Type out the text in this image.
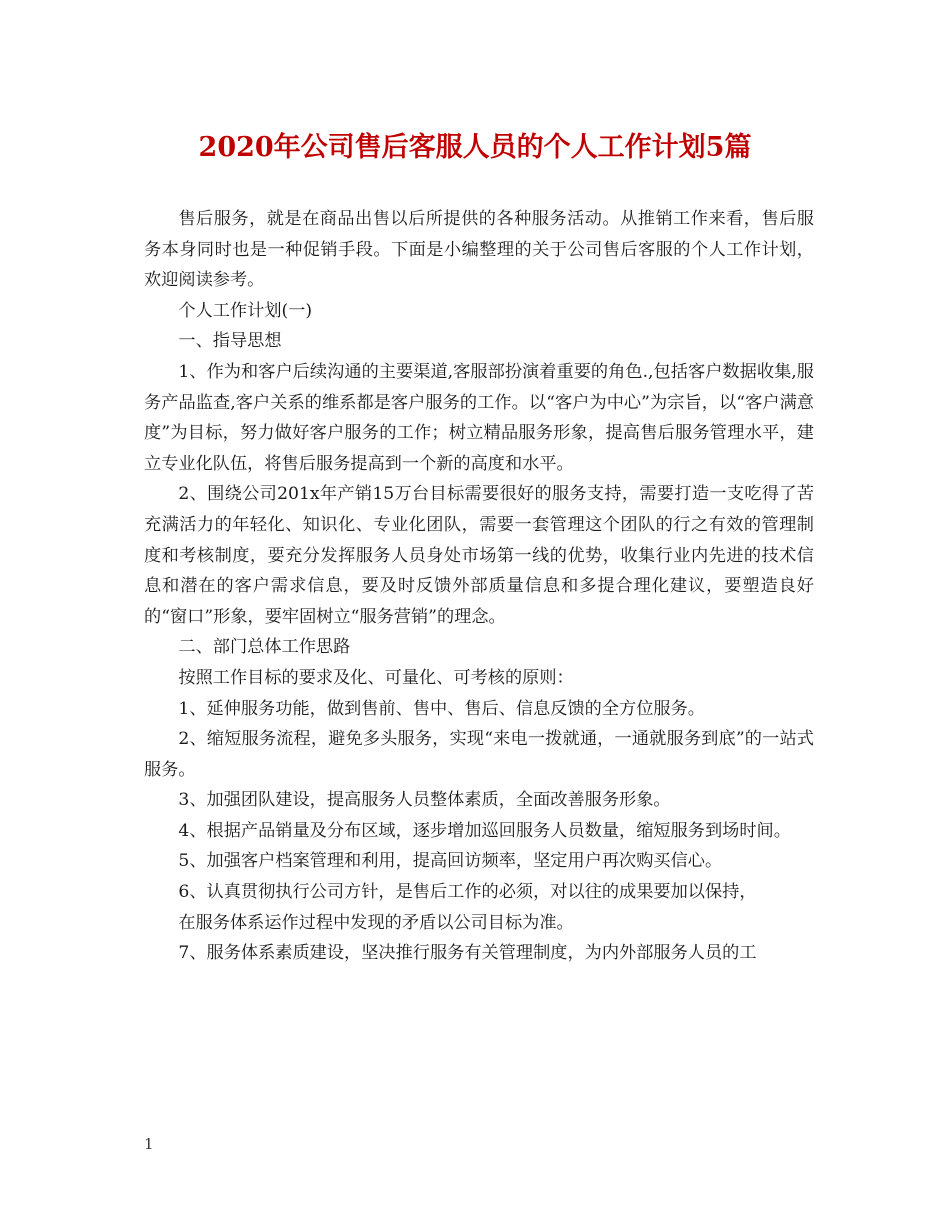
2020年公司售后客服人员的个人工作计划5篇

售后服务，就是在商品出售以后所提供的各种服务活动。从推销工作来看，售后服务本身同时也是一种促销手段。下面是小编整理的关于公司售后客服的个人工作计划，欢迎阅读参考。

个人工作计划(一)

一、指导思想

1、作为和客户后续沟通的主要渠道,客服部扮演着重要的角色.,包括客户数据收集,服务产品监查,客户关系的维系都是客户服务的工作。以“客户为中心”为宗旨，以“客户满意度”为目标，努力做好客户服务的工作；树立精品服务形象，提高售后服务管理水平，建立专业化队伍，将售后服务提高到一个新的高度和水平。

2、围绕公司201x年产销15万台目标需要很好的服务支持，需要打造一支吃得了苦充满活力的年轻化、知识化、专业化团队，需要一套管理这个团队的行之有效的管理制度和考核制度，要充分发挥服务人员身处市场第一线的优势，收集行业内先进的技术信息和潜在的客户需求信息，要及时反馈外部质量信息和多提合理化建议，要塑造良好的“窗口”形象，要牢固树立“服务营销”的理念。

二、部门总体工作思路

按照工作目标的要求及化、可量化、可考核的原则：

1、延伸服务功能，做到售前、售中、售后、信息反馈的全方位服务。

2、缩短服务流程，避免多头服务，实现“来电一拨就通，一通就服务到底”的一站式服务。

3、加强团队建设，提高服务人员整体素质，全面改善服务形象。

4、根据产品销量及分布区域，逐步增加巡回服务人员数量，缩短服务到场时间。

5、加强客户档案管理和利用，提高回访频率，坚定用户再次购买信心。

6、认真贯彻执行公司方针，是售后工作的必须，对以往的成果要加以保持，

在服务体系运作过程中发现的矛盾以公司目标为准。

7、服务体系素质建设，坚决推行服务有关管理制度，为内外部服务人员的工

1
